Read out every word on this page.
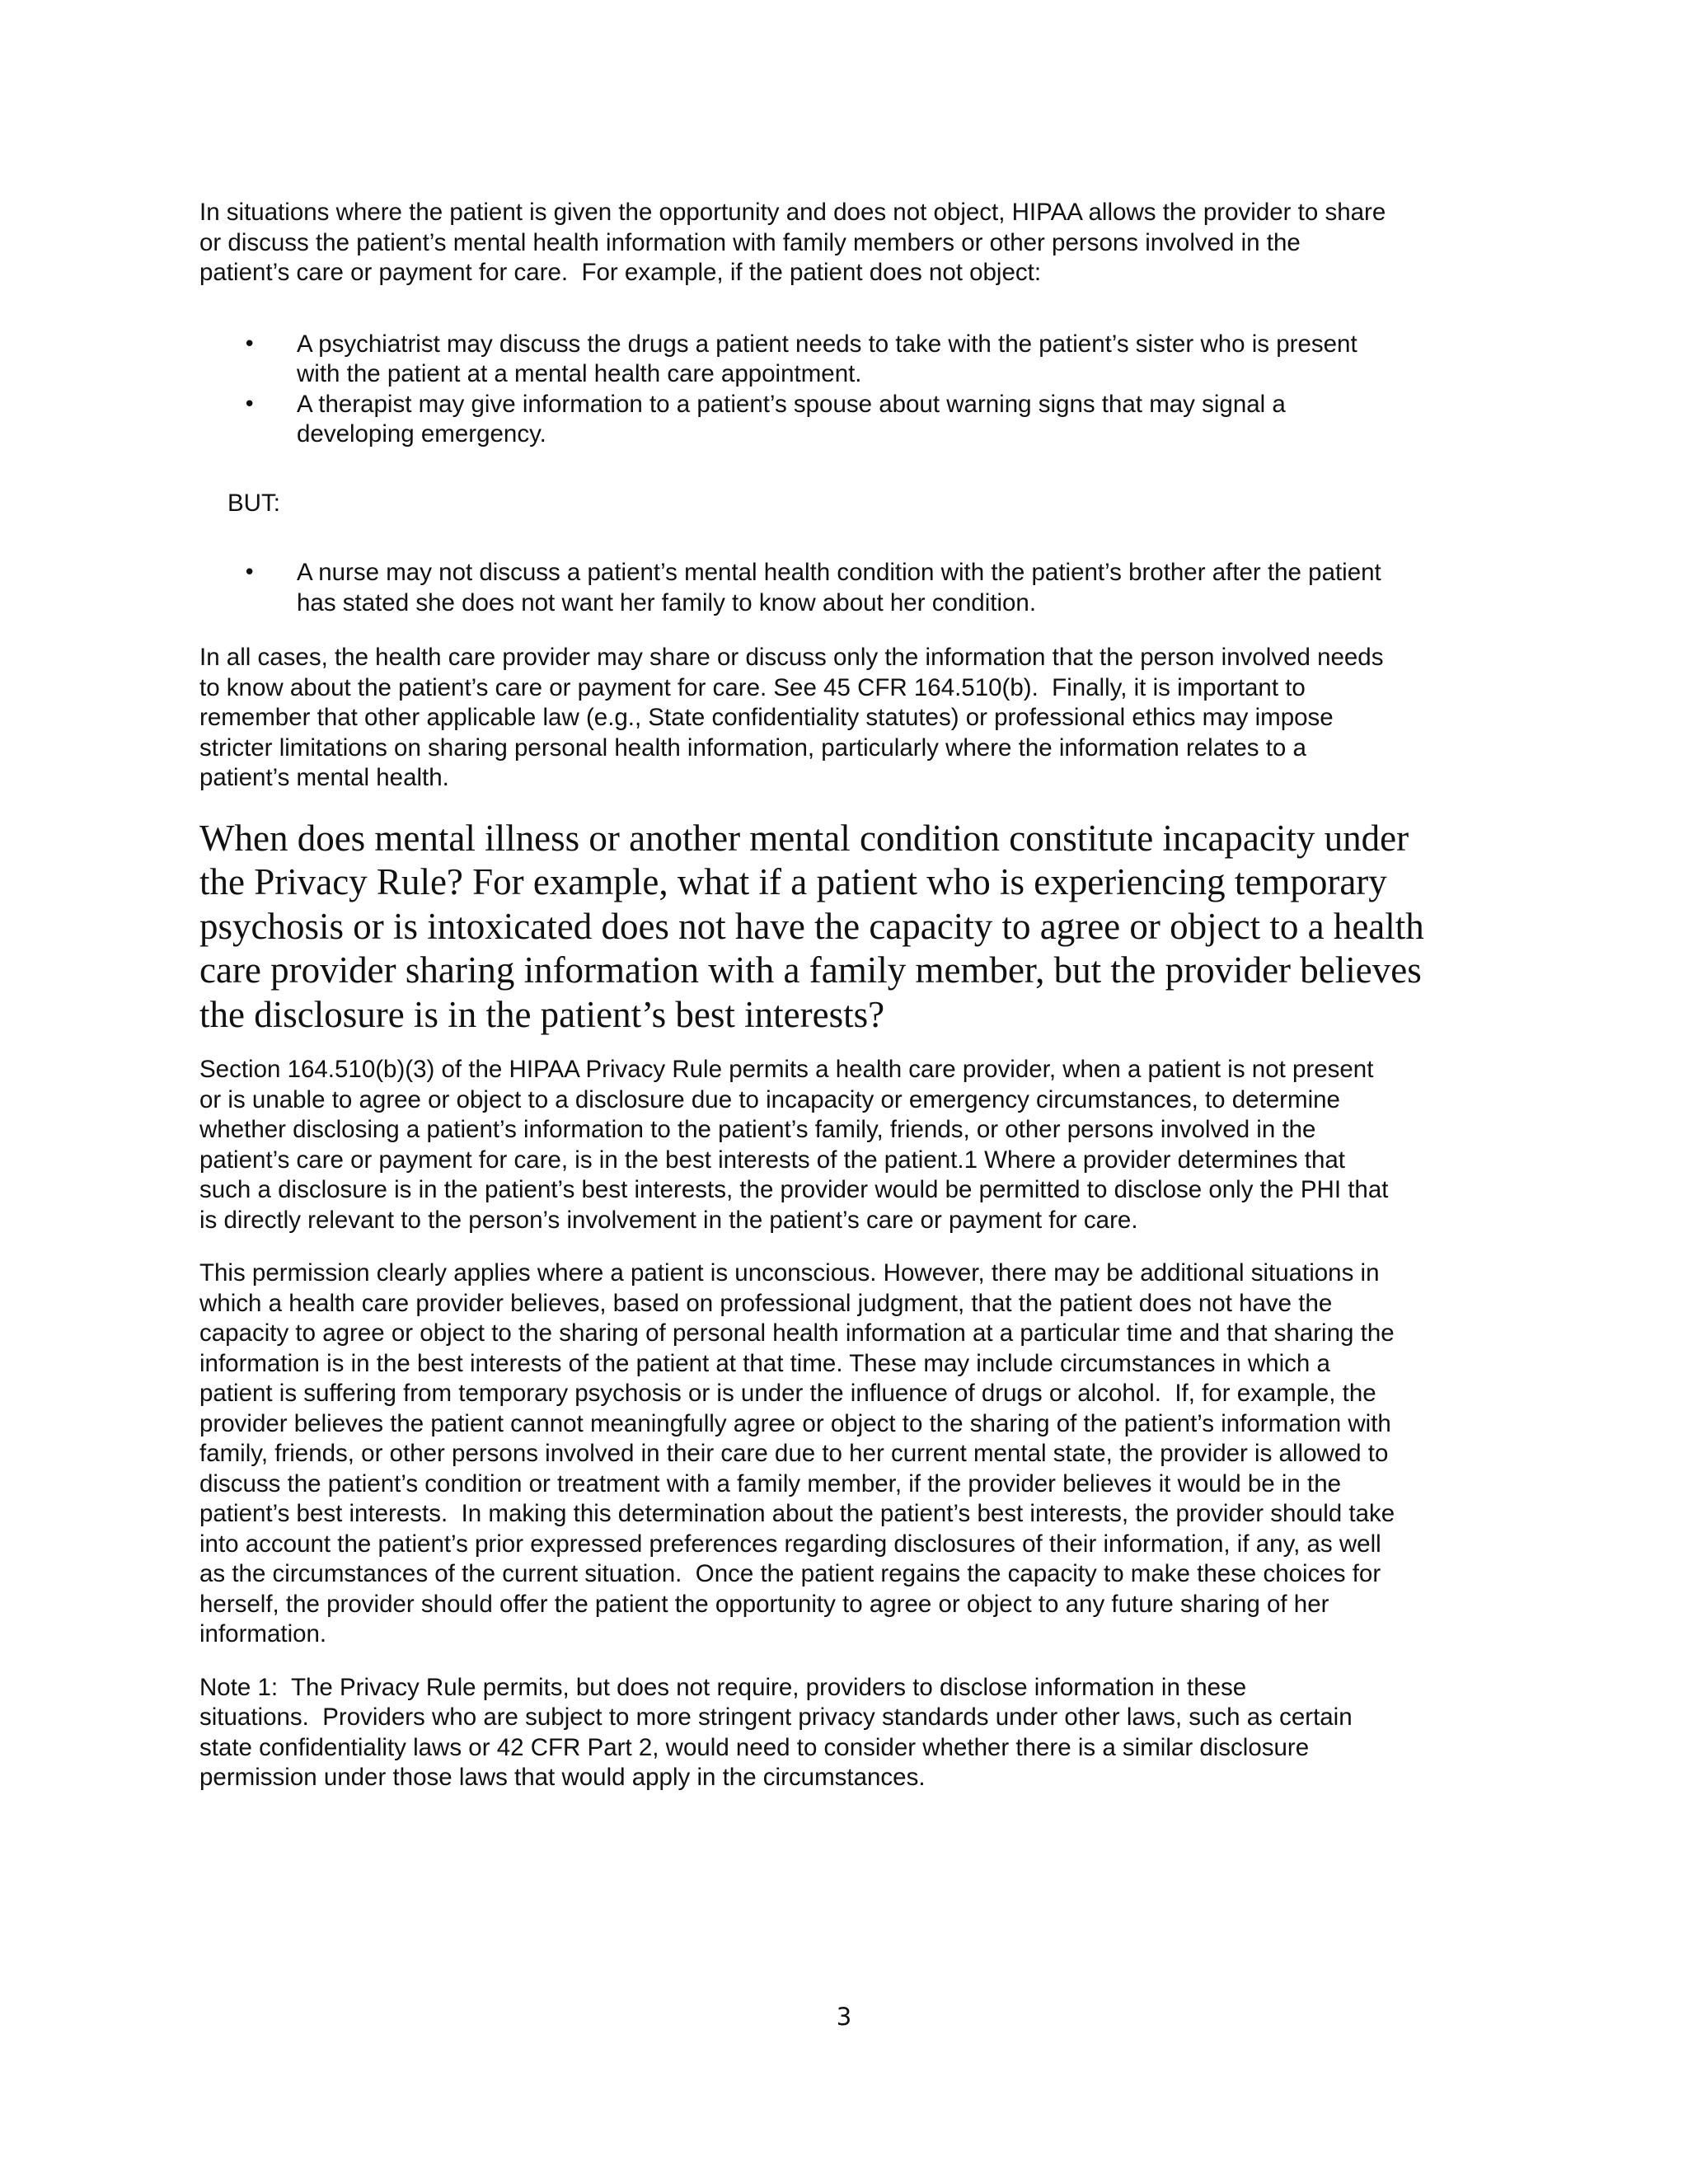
In situations where the patient is given the opportunity and does not object, HIPAA allows the provider to share
or discuss the patient’s mental health information with family members or other persons involved in the
patient’s care or payment for care.  For example, if the patient does not object:

• A psychiatrist may discuss the drugs a patient needs to take with the patient’s sister who is present
with the patient at a mental health care appointment.
• A therapist may give information to a patient’s spouse about warning signs that may signal a
developing emergency.

BUT:

• A nurse may not discuss a patient’s mental health condition with the patient’s brother after the patient
has stated she does not want her family to know about her condition.

In all cases, the health care provider may share or discuss only the information that the person involved needs
to know about the patient’s care or payment for care. See 45 CFR 164.510(b).  Finally, it is important to
remember that other applicable law (e.g., State confidentiality statutes) or professional ethics may impose
stricter limitations on sharing personal health information, particularly where the information relates to a
patient’s mental health.

When does mental illness or another mental condition constitute incapacity under
the Privacy Rule? For example, what if a patient who is experiencing temporary
psychosis or is intoxicated does not have the capacity to agree or object to a health
care provider sharing information with a family member, but the provider believes
the disclosure is in the patient’s best interests?

Section 164.510(b)(3) of the HIPAA Privacy Rule permits a health care provider, when a patient is not present
or is unable to agree or object to a disclosure due to incapacity or emergency circumstances, to determine
whether disclosing a patient’s information to the patient’s family, friends, or other persons involved in the
patient’s care or payment for care, is in the best interests of the patient.1 Where a provider determines that
such a disclosure is in the patient’s best interests, the provider would be permitted to disclose only the PHI that
is directly relevant to the person’s involvement in the patient’s care or payment for care.

This permission clearly applies where a patient is unconscious. However, there may be additional situations in
which a health care provider believes, based on professional judgment, that the patient does not have the
capacity to agree or object to the sharing of personal health information at a particular time and that sharing the
information is in the best interests of the patient at that time. These may include circumstances in which a
patient is suffering from temporary psychosis or is under the influence of drugs or alcohol.  If, for example, the
provider believes the patient cannot meaningfully agree or object to the sharing of the patient’s information with
family, friends, or other persons involved in their care due to her current mental state, the provider is allowed to
discuss the patient’s condition or treatment with a family member, if the provider believes it would be in the
patient’s best interests.  In making this determination about the patient’s best interests, the provider should take
into account the patient’s prior expressed preferences regarding disclosures of their information, if any, as well
as the circumstances of the current situation.  Once the patient regains the capacity to make these choices for
herself, the provider should offer the patient the opportunity to agree or object to any future sharing of her
information.

Note 1:  The Privacy Rule permits, but does not require, providers to disclose information in these
situations.  Providers who are subject to more stringent privacy standards under other laws, such as certain
state confidentiality laws or 42 CFR Part 2, would need to consider whether there is a similar disclosure
permission under those laws that would apply in the circumstances.

3
